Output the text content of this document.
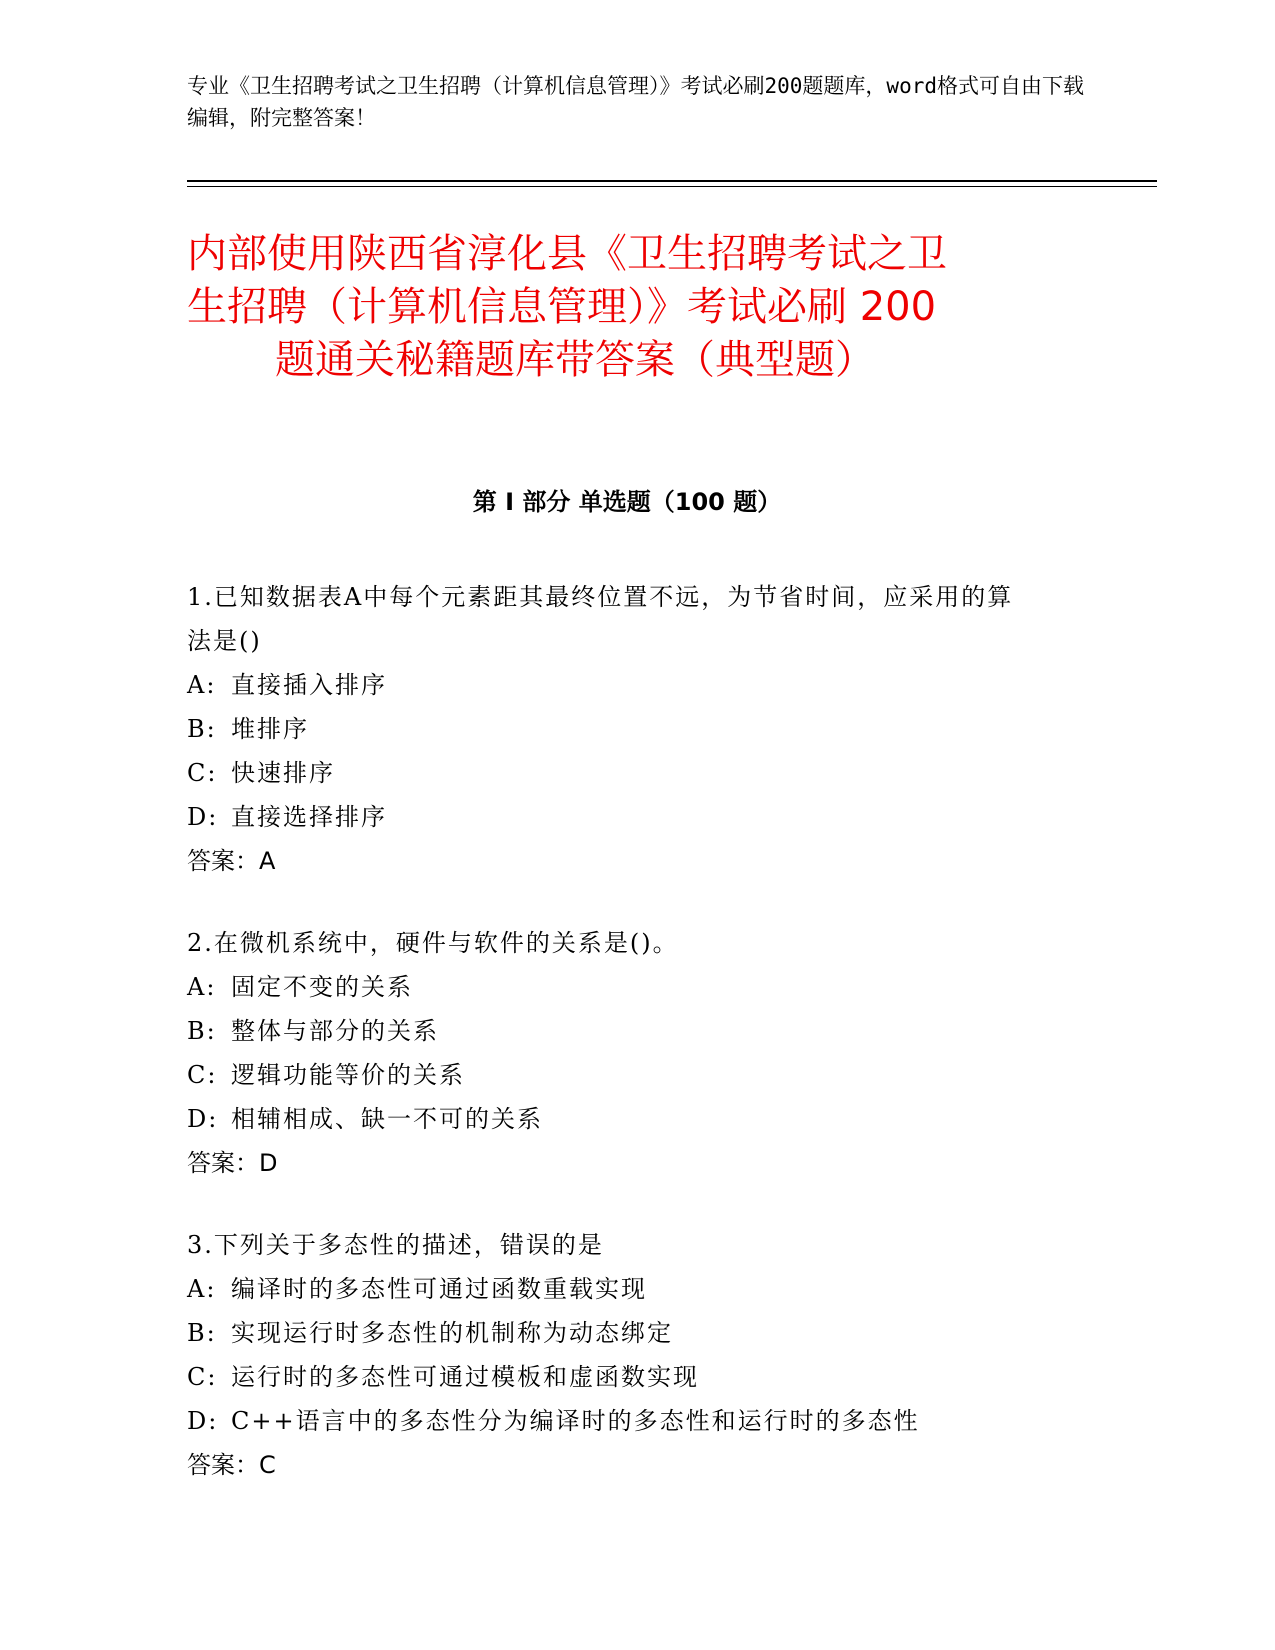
专业《卫生招聘考试之卫生招聘（计算机信息管理）》考试必刷200题题库，word格式可自由下载编辑，附完整答案！

内部使用陕西省淳化县《卫生招聘考试之卫
生招聘（计算机信息管理）》考试必刷 200
题通关秘籍题库带答案（典型题）
第 I 部分 单选题（100 题）

1.已知数据表A中每个元素距其最终位置不远，为节省时间，应采用的算法是()

A: 直接插入排序

B: 堆排序

C: 快速排序

D: 直接选择排序

答案：A

2.在微机系统中，硬件与软件的关系是()。

A: 固定不变的关系

B: 整体与部分的关系

C: 逻辑功能等价的关系

D: 相辅相成、缺一不可的关系

答案：D

3.下列关于多态性的描述，错误的是

A: 编译时的多态性可通过函数重载实现

B: 实现运行时多态性的机制称为动态绑定

C: 运行时的多态性可通过模板和虚函数实现

D: C++语言中的多态性分为编译时的多态性和运行时的多态性

答案：C
